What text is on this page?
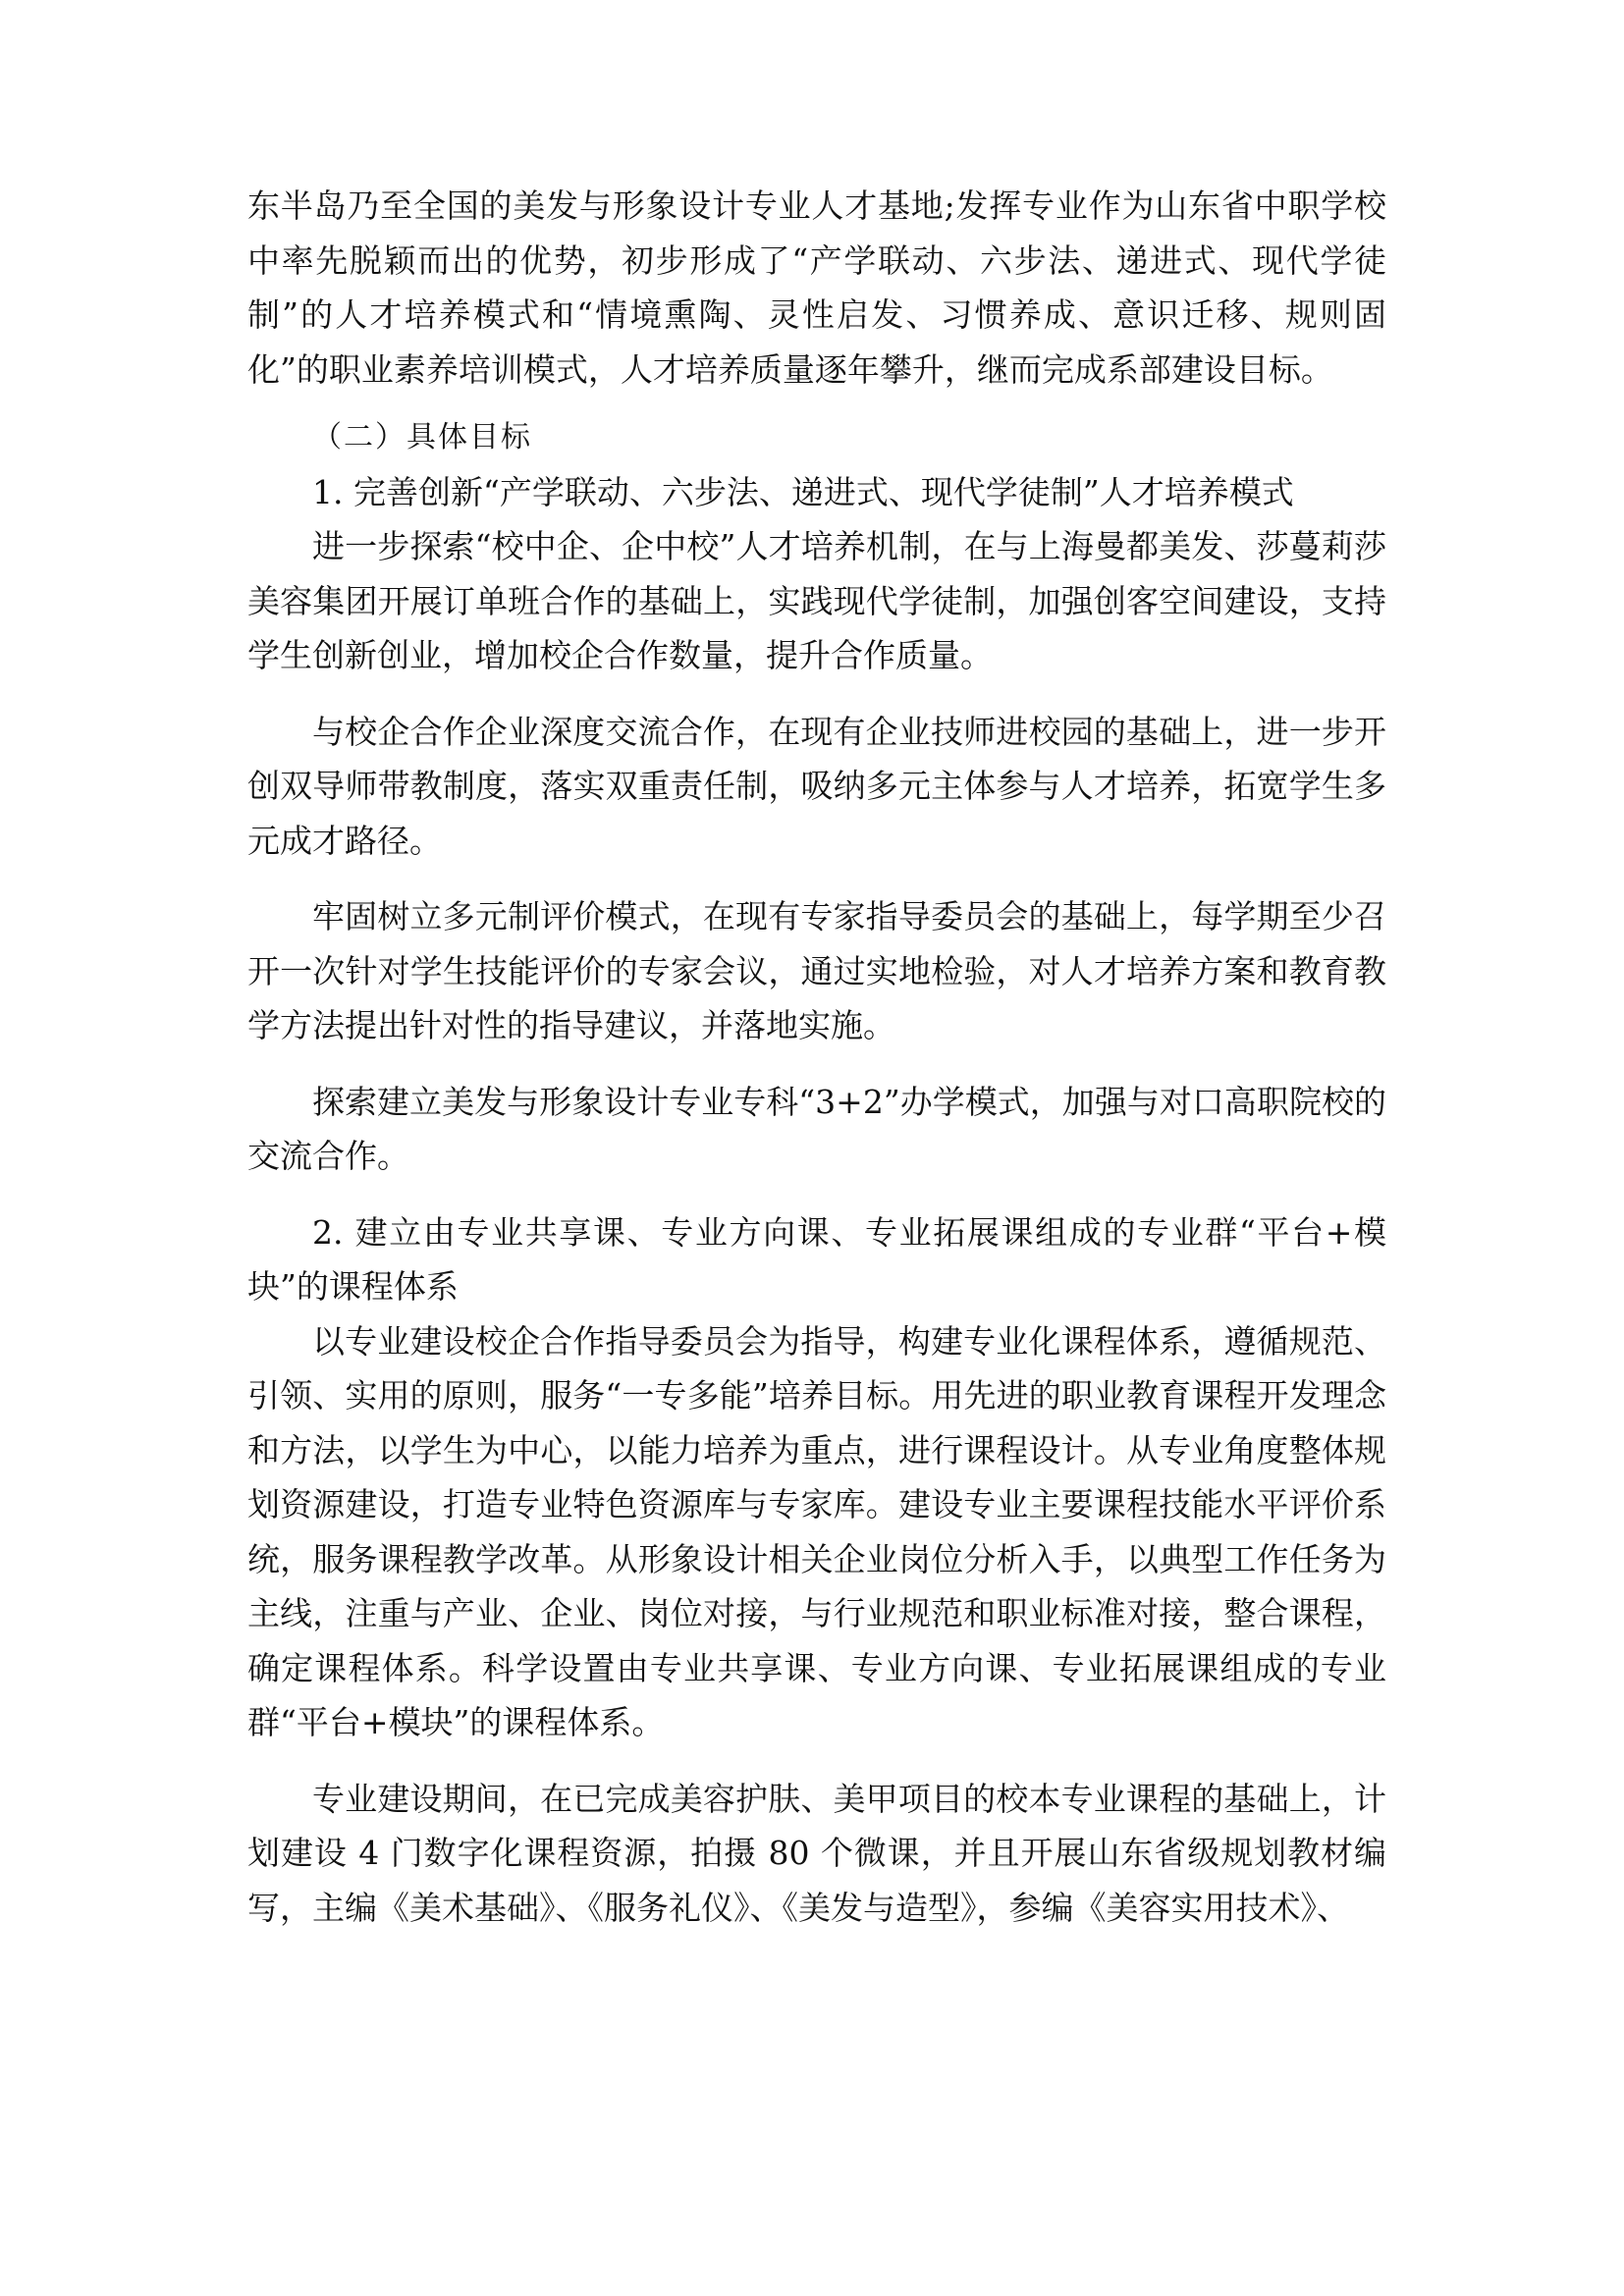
东半岛乃至全国的美发与形象设计专业人才基地;发挥专业作为山东省中职学校中率先脱颖而出的优势，初步形成了“产学联动、六步法、递进式、现代学徒制”的人才培养模式和“情境熏陶、灵性启发、习惯养成、意识迁移、规则固化”的职业素养培训模式，人才培养质量逐年攀升，继而完成系部建设目标。

（二）具体目标

1. 完善创新“产学联动、六步法、递进式、现代学徒制”人才培养模式

进一步探索“校中企、企中校”人才培养机制，在与上海曼都美发、莎蔓莉莎美容集团开展订单班合作的基础上，实践现代学徒制，加强创客空间建设，支持学生创新创业，增加校企合作数量，提升合作质量。

与校企合作企业深度交流合作，在现有企业技师进校园的基础上，进一步开创双导师带教制度，落实双重责任制，吸纳多元主体参与人才培养，拓宽学生多元成才路径。

牢固树立多元制评价模式，在现有专家指导委员会的基础上，每学期至少召开一次针对学生技能评价的专家会议，通过实地检验，对人才培养方案和教育教学方法提出针对性的指导建议，并落地实施。

探索建立美发与形象设计专业专科“3+2”办学模式，加强与对口高职院校的交流合作。

2. 建立由专业共享课、专业方向课、专业拓展课组成的专业群“平台+模块”的课程体系

以专业建设校企合作指导委员会为指导，构建专业化课程体系，遵循规范、引领、实用的原则，服务“一专多能”培养目标。用先进的职业教育课程开发理念和方法，以学生为中心，以能力培养为重点，进行课程设计。从专业角度整体规划资源建设，打造专业特色资源库与专家库。建设专业主要课程技能水平评价系统，服务课程教学改革。从形象设计相关企业岗位分析入手，以典型工作任务为主线，注重与产业、企业、岗位对接，与行业规范和职业标准对接，整合课程，确定课程体系。科学设置由专业共享课、专业方向课、专业拓展课组成的专业群“平台+模块”的课程体系。

专业建设期间，在已完成美容护肤、美甲项目的校本专业课程的基础上，计划建设 4 门数字化课程资源，拍摄 80 个微课，并且开展山东省级规划教材编写，主编《美术基础》、《服务礼仪》、《美发与造型》，参编《美容实用技术》、
